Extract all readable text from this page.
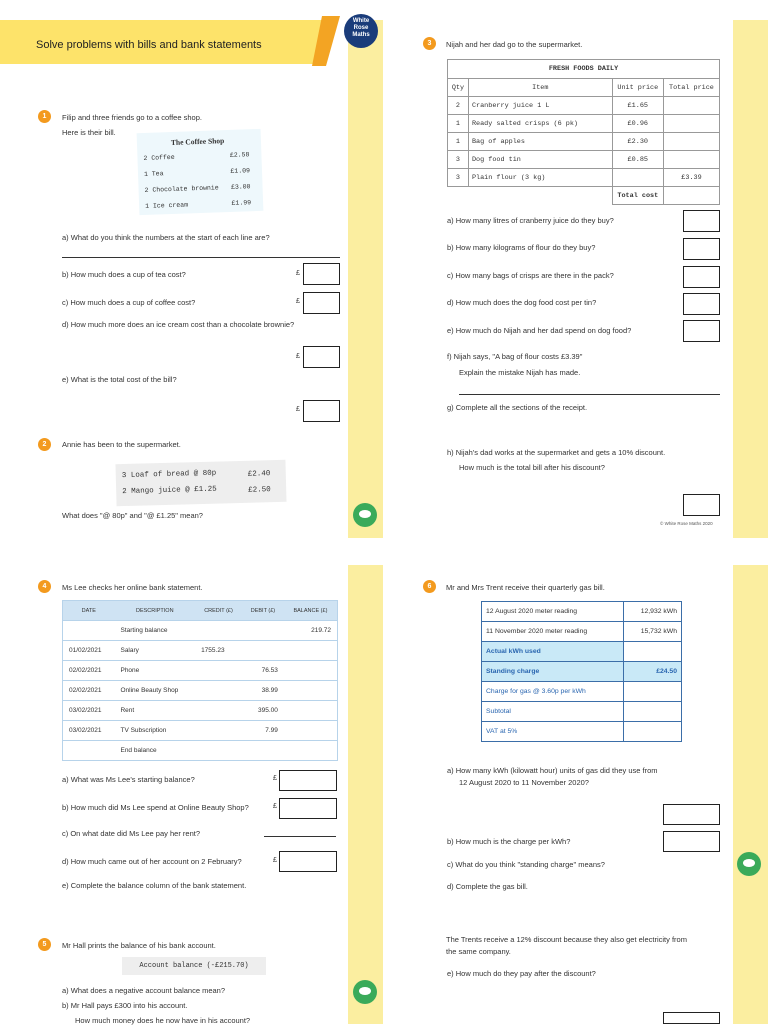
Solve problems with bills and bank statements
White
Rose
Maths
1	Filip and three friends go to a coffee shop.
Here is their bill.
The Coffee Shop
2 Coffee	£2.58
1 Tea	£1.09
2 Chocolate brownie £3.00
1 Ice cream	£1.99
a) What do you think the numbers at the start of each line are?
b) How much does a cup of tea cost?	£
c) How much does a cup of coffee cost?	£
d) How much more does an ice cream cost than a chocolate brownie?
£
e) What is the total cost of the bill?
£
2	Annie has been to the supermarket.
3 Loaf of bread @ 80p	£2.40
2 Mango juice @ £1.25	£2.50
What does "@ 80p" and "@ £1.25" mean?
3	Nijah and her dad go to the supermarket.
FRESH FOODS DAILY			
Qty	Item	Unit price	Total price
2	Cranberry juice 1 L	£1.65	
1	Ready salted crisps (6 pk)	£0.96	
1	Bag of apples	£2.30	
3	Dog food tin	£0.85	
3	Plain flour (3 kg)		£3.39
		Total cost	
a) How many litres of cranberry juice do they buy?
b) How many kilograms of flour do they buy?
c) How many bags of crisps are there in the pack?
d) How much does the dog food cost per tin?
e) How much do Nijah and her dad spend on dog food?
f) Nijah says, "A bag of flour costs £3.39"
Explain the mistake Nijah has made.
g) Complete all the sections of the receipt.
h) Nijah's dad works at the supermarket and gets a 10% discount.
How much is the total bill after his discount?
© White Rose Maths 2020
4	Ms Lee checks her online bank statement.
DATE	DESCRIPTION	CREDIT (£)	DEBIT (£)	BALANCE (£)
	Starting balance			219.72
01/02/2021	Salary	1755.23		
02/02/2021	Phone		76.53	
02/02/2021	Online Beauty Shop		38.99	
03/02/2021	Rent		395.00	
03/02/2021	TV Subscription		7.99	
	End balance			
a) What was Ms Lee's starting balance?	£
b) How much did Ms Lee spend at Online Beauty Shop?	£
c) On what date did Ms Lee pay her rent?
d) How much came out of her account on 2 February?	£
e) Complete the balance column of the bank statement.
5	Mr Hall prints the balance of his bank account.
Account balance (-£215.70)
a) What does a negative account balance mean?
b) Mr Hall pays £300 into his account.
How much money does he now have in his account?
6	Mr and Mrs Trent receive their quarterly gas bill.
12 August 2020 meter reading	12,932 kWh
11 November 2020 meter reading	15,732 kWh
Actual kWh used	
Standing charge	£24.50
Charge for gas @ 3.60p per kWh	
Subtotal	
VAT at 5%	
a) How many kWh (kilowatt hour) units of gas did they use from
12 August 2020 to 11 November 2020?
b) How much is the charge per kWh?
c) What do you think "standing charge" means?
d) Complete the gas bill.
The Trents receive a 12% discount because they also get electricity from
the same company.
e) How much do they pay after the discount?
